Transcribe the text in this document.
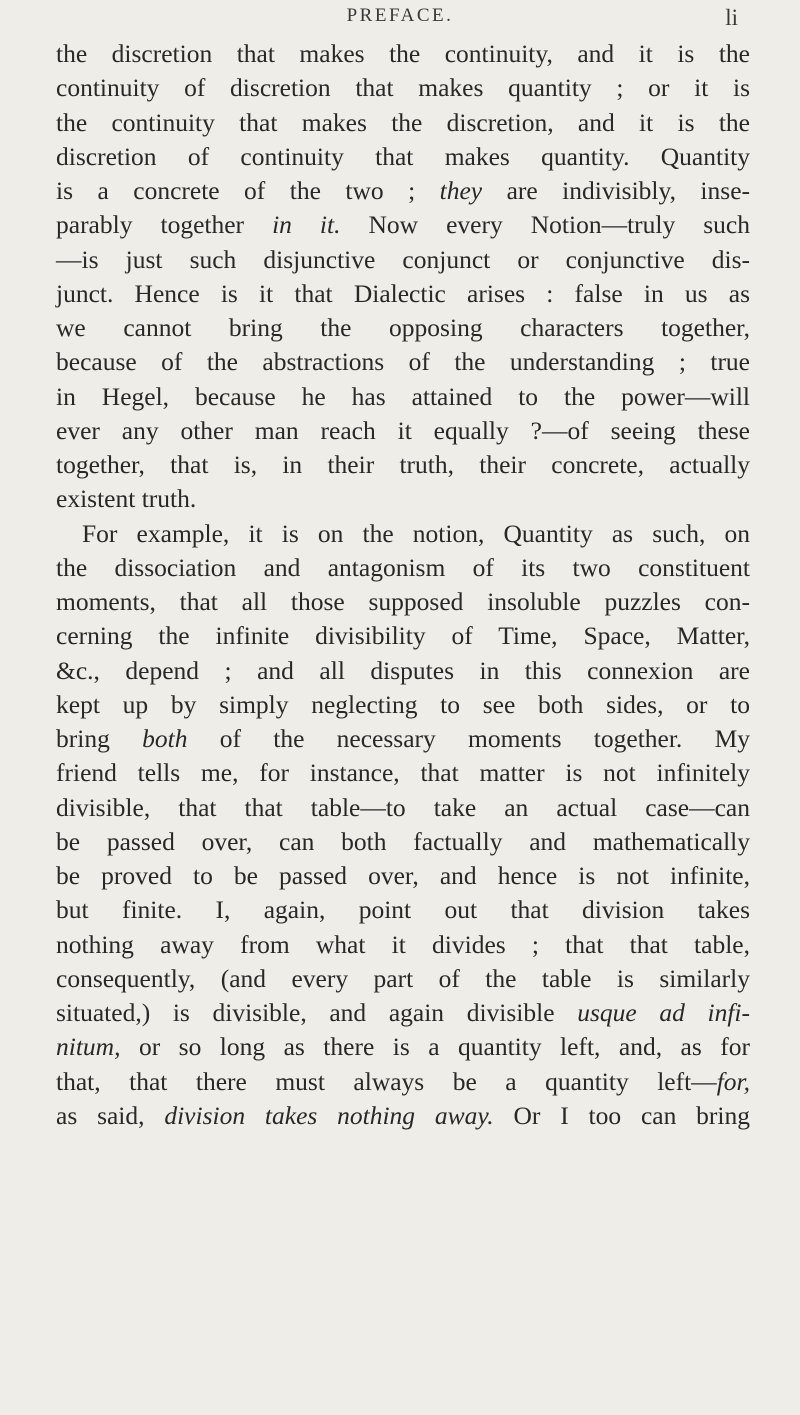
PREFACE.	li
the discretion that makes the continuity, and it is the
continuity of discretion that makes quantity ; or it is
the continuity that makes the discretion, and it is the
discretion of continuity that makes quantity. Quantity
is a concrete of the two ; they are indivisibly, inse-
parably together in it. Now every Notion—truly such
—is just such disjunctive conjunct or conjunctive dis-
junct. Hence is it that Dialectic arises : false in us as
we cannot bring the opposing characters together,
because of the abstractions of the understanding ; true
in Hegel, because he has attained to the power—will
ever any other man reach it equally ?—of seeing these
together, that is, in their truth, their concrete, actually
existent truth.
For example, it is on the notion, Quantity as such, on
the dissociation and antagonism of its two constituent
moments, that all those supposed insoluble puzzles con-
cerning the infinite divisibility of Time, Space, Matter,
&c., depend ; and all disputes in this connexion are
kept up by simply neglecting to see both sides, or to
bring both of the necessary moments together. My
friend tells me, for instance, that matter is not infinitely
divisible, that that table—to take an actual case—can
be passed over, can both factually and mathematically
be proved to be passed over, and hence is not infinite,
but finite. I, again, point out that division takes
nothing away from what it divides ; that that table,
consequently, (and every part of the table is similarly
situated,) is divisible, and again divisible usque ad infi-
nitum, or so long as there is a quantity left, and, as for
that, that there must always be a quantity left—for,
as said, division takes nothing away. Or I too can bring
